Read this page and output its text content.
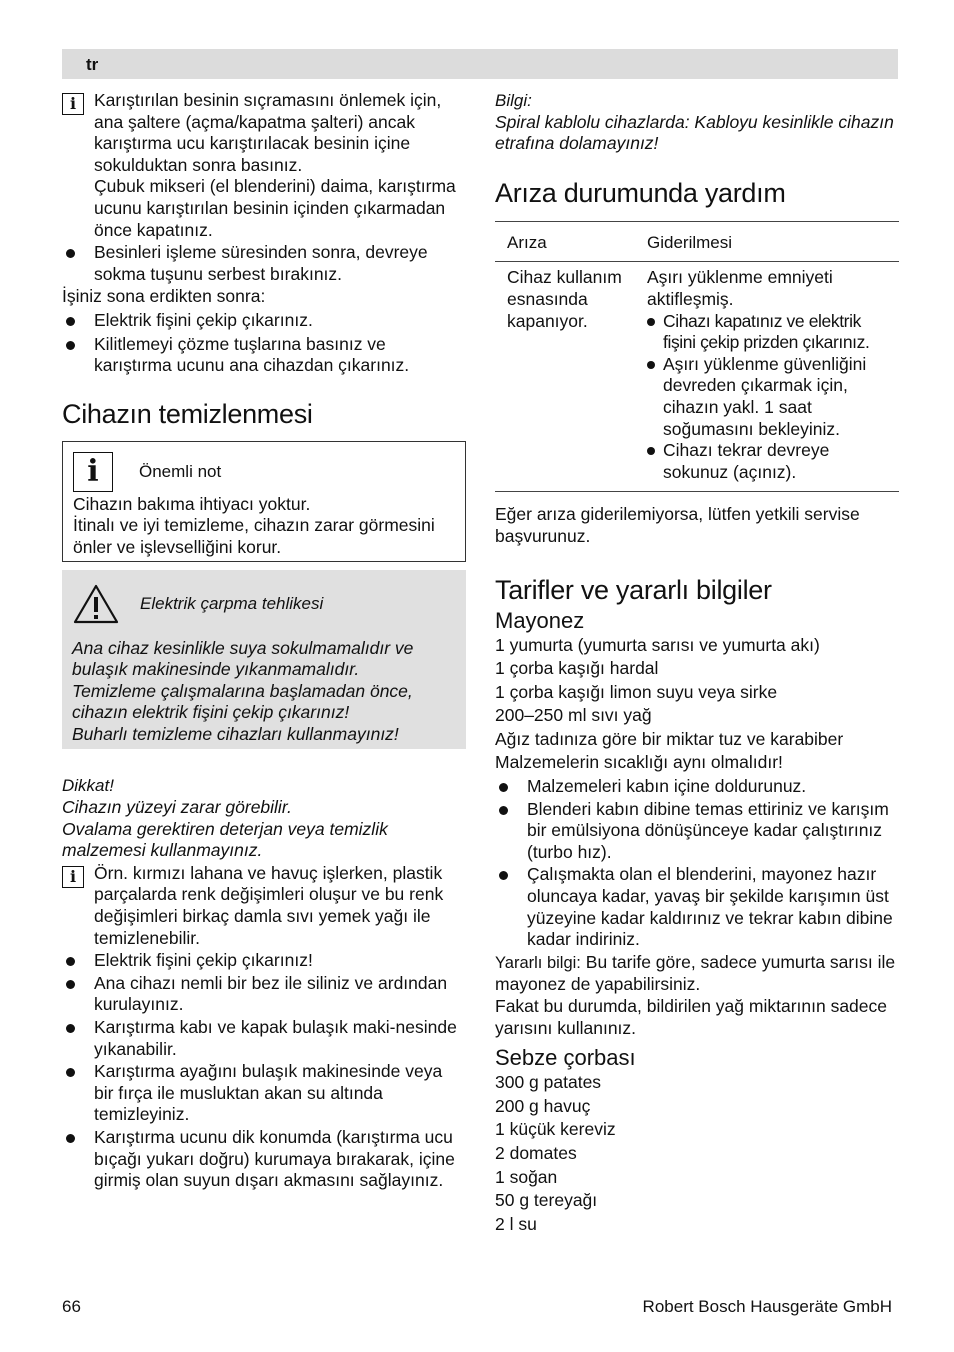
tr
i	Karıştırılan besinin sıçramasını önlemek için, ana şaltere (açma/kapatma şalteri) ancak karıştırma ucu karıştırılacak besinin içine sokulduktan sonra basınız.
Çubuk mikseri (el blenderini) daima, karıştırma ucunu karıştırılan besinin içinden çıkarmadan önce kapatınız.
Besinleri işleme süresinden sonra, devreye sokma tuşunu serbest bırakınız.
İşiniz sona erdikten sonra:
Elektrik fişini çekip çıkarınız.
Kilitlemeyi çözme tuşlarına basınız ve karıştırma ucunu ana cihazdan çıkarınız.
Cihazın temizlenmesi
i	Önemli not
Cihazın bakıma ihtiyacı yoktur.
İtinalı ve iyi temizleme, cihazın zarar görmesini önler ve işlevselliğini korur.
Elektrik çarpma tehlikesi
Ana cihaz kesinlikle suya sokulmamalıdır ve bulaşık makinesinde yıkanmamalıdır.
Temizleme çalışmalarına başlamadan önce, cihazın elektrik fişini çekip çıkarınız!
Buharlı temizleme cihazları kullanmayınız!
Dikkat!
Cihazın yüzeyi zarar görebilir.
Ovalama gerektiren deterjan veya temizlik malzemesi kullanmayınız.
i	Örn. kırmızı lahana ve havuç işlerken, plastik parçalarda renk değişimleri oluşur ve bu renk değişimleri birkaç damla sıvı yemek yağı ile temizlenebilir.
Elektrik fişini çekip çıkarınız!
Ana cihazı nemli bir bez ile siliniz ve ardından kurulayınız.
Karıştırma kabı ve kapak bulaşık maki-nesinde yıkanabilir.
Karıştırma ayağını bulaşık makinesinde veya bir fırça ile musluktan akan su altında temizleyiniz.
Karıştırma ucunu dik konumda (karıştırma ucu bıçağı yukarı doğru) kurumaya bırakarak, içine girmiş olan suyun dışarı akmasını sağlayınız.
Bilgi:
Spiral kablolu cihazlarda: Kabloyu kesinlikle cihazın etrafına dolamayınız!
Arıza durumunda yardım
Arıza	Giderilmesi
Cihaz kullanım esnasında kapanıyor.	Aşırı yüklenme emniyeti aktifleşmiş.
Cihazı kapatınız ve elektrik fişini çekip prizden çıkarınız.
Aşırı yüklenme güvenliğini devreden çıkarmak için, cihazın yakl. 1 saat soğumasını bekleyiniz.
Cihazı tekrar devreye sokunuz (açınız).
Eğer arıza giderilemiyorsa, lütfen yetkili servise başvurunuz.
Tarifler ve yararlı bilgiler
Mayonez
1 yumurta (yumurta sarısı ve yumurta akı)
1 çorba kaşığı hardal
1 çorba kaşığı limon suyu veya sirke
200–250 ml sıvı yağ
Ağız tadınıza göre bir miktar tuz ve karabiber
Malzemelerin sıcaklığı aynı olmalıdır!
Malzemeleri kabın içine doldurunuz.
Blenderi kabın dibine temas ettiriniz ve karışım bir emülsiyona dönüşünceye kadar çalıştırınız (turbo hız).
Çalışmakta olan el blenderini, mayonez hazır oluncaya kadar, yavaş bir şekilde karışımın üst yüzeyine kadar kaldırınız ve tekrar kabın dibine kadar indiriniz.
Yararlı bilgi: Bu tarife göre, sadece yumurta sarısı ile mayonez de yapabilirsiniz.
Fakat bu durumda, bildirilen yağ miktarının sadece yarısını kullanınız.
Sebze çorbası
300 g patates
200 g havuç
1 küçük kereviz
2 domates
1 soğan
50 g tereyağı
2 l su
66	Robert Bosch Hausgeräte GmbH
